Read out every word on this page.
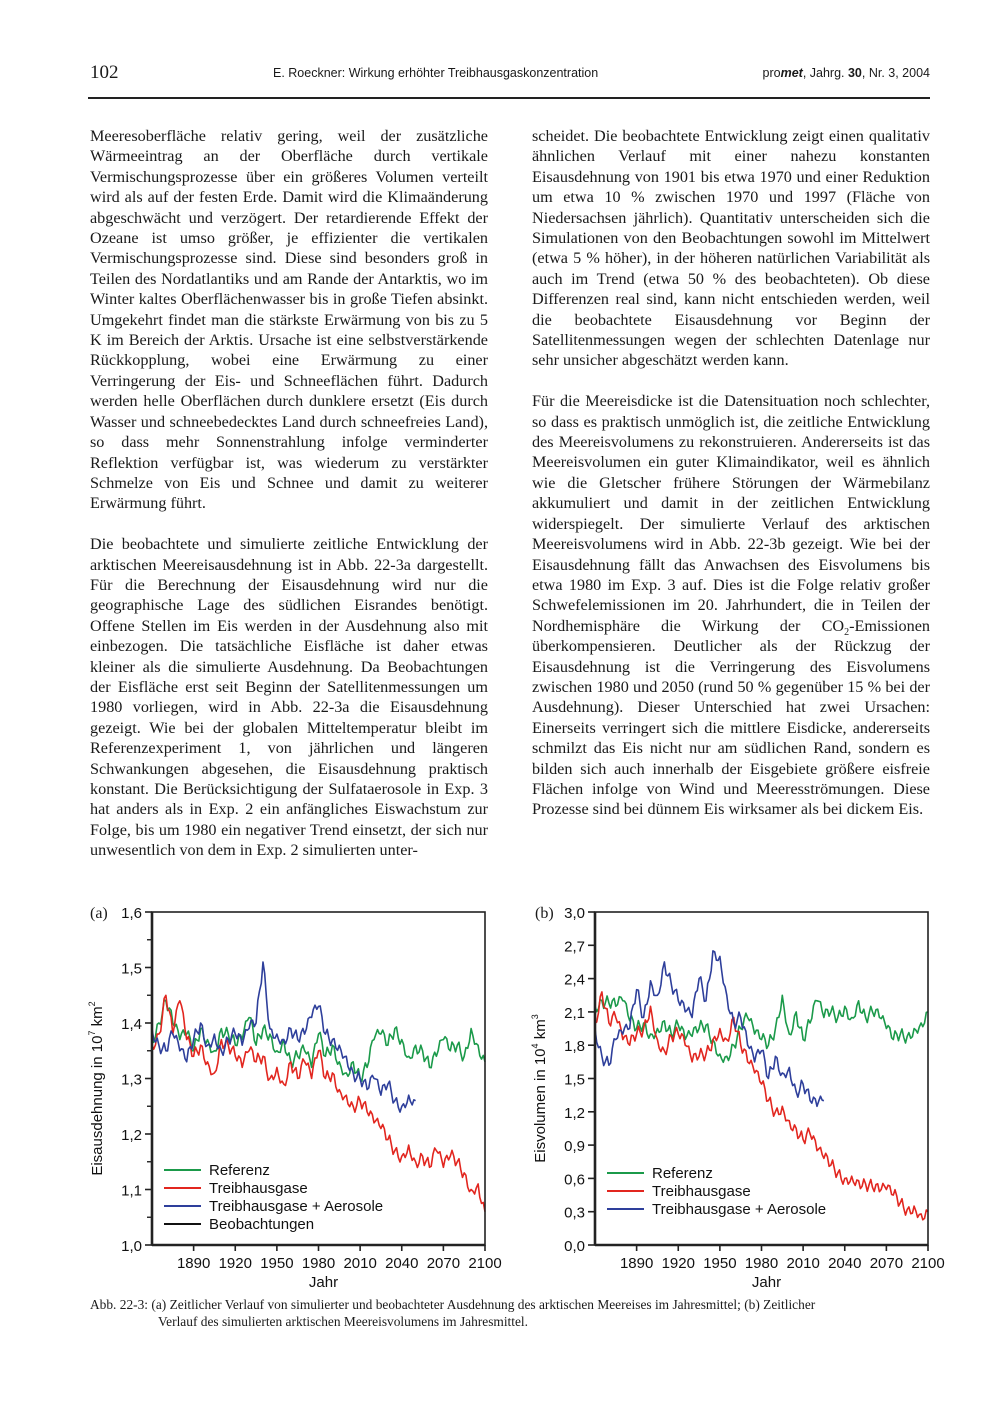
102	E. Roeckner: Wirkung erhöhter Treibhausgaskonzentration	promet, Jahrg. 30, Nr. 3, 2004

Meeresoberfläche relativ gering, weil der zusätzliche Wärmeeintrag an der Oberfläche durch vertikale Vermischungsprozesse über ein größeres Volumen verteilt wird als auf der festen Erde. Damit wird die Klimaänderung abgeschwächt und verzögert. Der retardierende Effekt der Ozeane ist umso größer, je effizienter die vertikalen Vermischungsprozesse sind. Diese sind besonders groß in Teilen des Nordatlantiks und am Rande der Antarktis, wo im Winter kaltes Oberflächenwasser bis in große Tiefen absinkt. Umgekehrt findet man die stärkste Erwärmung von bis zu 5 K im Bereich der Arktis. Ursache ist eine selbstverstärkende Rückkopplung, wobei eine Erwärmung zu einer Verringerung der Eis- und Schneeflächen führt. Dadurch werden helle Oberflächen durch dunklere ersetzt (Eis durch Wasser und schneebedecktes Land durch schneefreies Land), so dass mehr Sonnenstrahlung infolge verminderter Reflektion verfügbar ist, was wiederum zu verstärkter Schmelze von Eis und Schnee und damit zu weiterer Erwärmung führt.

Die beobachtete und simulierte zeitliche Entwicklung der arktischen Meereisausdehnung ist in Abb. 22-3a dargestellt. Für die Berechnung der Eisausdehnung wird nur die geographische Lage des südlichen Eisrandes benötigt. Offene Stellen im Eis werden in der Ausdehnung also mit einbezogen. Die tatsächliche Eisfläche ist daher etwas kleiner als die simulierte Ausdehnung. Da Beobachtungen der Eisfläche erst seit Beginn der Satellitenmessungen um 1980 vorliegen, wird in Abb. 22-3a die Eisausdehnung gezeigt. Wie bei der globalen Mitteltemperatur bleibt im Referenzexperiment 1, von jährlichen und längeren Schwankungen abgesehen, die Eisausdehnung praktisch konstant. Die Berücksichtigung der Sulfataerosole in Exp. 3 hat anders als in Exp. 2 ein anfängliches Eiswachstum zur Folge, bis um 1980 ein negativer Trend einsetzt, der sich nur unwesentlich von dem in Exp. 2 simulierten unter-

scheidet. Die beobachtete Entwicklung zeigt einen qualitativ ähnlichen Verlauf mit einer nahezu konstanten Eisausdehnung von 1901 bis etwa 1970 und einer Reduktion um etwa 10 % zwischen 1970 und 1997 (Fläche von Niedersachsen jährlich). Quantitativ unterscheiden sich die Simulationen von den Beobachtungen sowohl im Mittelwert (etwa 5 % höher), in der höheren natürlichen Variabilität als auch im Trend (etwa 50 % des beobachteten). Ob diese Differenzen real sind, kann nicht entschieden werden, weil die beobachtete Eisausdehnung vor Beginn der Satellitenmessungen wegen der schlechten Datenlage nur sehr unsicher abgeschätzt werden kann.

Für die Meereisdicke ist die Datensituation noch schlechter, so dass es praktisch unmöglich ist, die zeitliche Entwicklung des Meereisvolumens zu rekonstruieren. Andererseits ist das Meereisvolumen ein guter Klimaindikator, weil es ähnlich wie die Gletscher frühere Störungen der Wärmebilanz akkumuliert und damit in der zeitlichen Entwicklung widerspiegelt. Der simulierte Verlauf des arktischen Meereisvolumens wird in Abb. 22-3b gezeigt. Wie bei der Eisausdehnung fällt das Anwachsen des Eisvolumens bis etwa 1980 im Exp. 3 auf. Dies ist die Folge relativ großer Schwefelemissionen im 20. Jahrhundert, die in Teilen der Nordhemisphäre die Wirkung der $CO_2$-Emissionen überkompensieren. Deutlicher als der Rückzug der Eisausdehnung ist die Verringerung des Eisvolumens zwischen 1980 und 2050 (rund 50 % gegenüber 15 % bei der Ausdehnung). Dieser Unterschied hat zwei Ursachen: Einerseits verringert sich die mittlere Eisdicke, andererseits schmilzt das Eis nicht nur am südlichen Rand, sondern es bilden sich auch innerhalb der Eisgebiete größere eisfreie Flächen infolge von Wind und Meeresströmungen. Diese Prozesse sind bei dünnem Eis wirksamer als bei dickem Eis.

1,0
1,1
1,2
1,3
1,4
1,5
1,6
1890 1920 1950 1980 2010 2040 2070 2100
Jahr
Eisausdehnung in $10^7$ $km^2$
Referenz
Treibhausgase
Treibhausgase + Aerosole
Beobachtungen
(a)
0,0
0,3
0,6
0,9
1,2
1,5
1,8
2,1
2,4
2,7
3,0
1890 1920 1950 1980 2010 2040 2070 2100
Jahr
Eisvolumen in $10^4$ $km^3$
Referenz
Treibhausgase
Treibhausgase + Aerosole
(b)
Abb. 22-3: (a) Zeitlicher Verlauf von simulierter und beobachteter Ausdehnung des arktischen Meereises im Jahresmittel; (b) Zeitlicher
Verlauf des simulierten arktischen Meereisvolumens im Jahresmittel.
